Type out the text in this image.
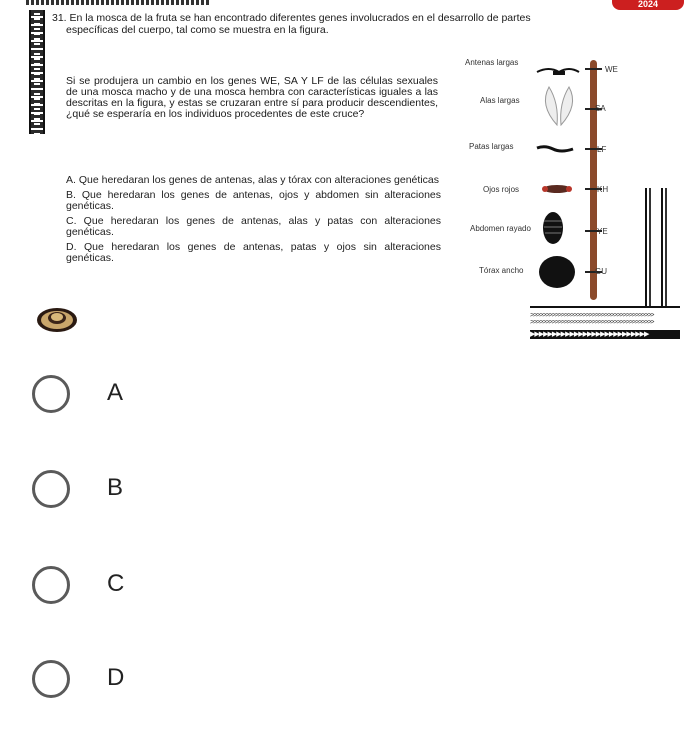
2024

31. En la mosca de la fruta se han encontrado diferentes genes involucrados en el desarrollo de partes

específicas del cuerpo, tal como se muestra en la figura.

Si se produjera un cambio en los genes WE, SA Y LF de las células sexuales de una mosca macho y de una mosca hembra con características iguales a las descritas en la figura, y estas se cruzaran entre sí para producir descendientes, ¿qué se esperaría en los individuos procedentes de este cruce?

A. Que heredaran los genes de antenas, alas y tórax con alteraciones genéticas

B. Que heredaran los genes de antenas, ojos y abdomen sin alteraciones genéticas.

C. Que heredaran los genes de antenas, alas y patas con alteraciones genéticas.

D. Que heredaran los genes de antenas, patas y ojos sin alteraciones genéticas.

Antenas largas
WE
Alas largas
SA
Patas largas	LF
Ojos rojos	KH
Abdomen rayado	YE
Tórax ancho	GU
>>>>>>>>>>>>>>>>>>>>>>>>>>>>>>>>>>>>>>>>
>>>>>>>>>>>>>>>>>>>>>>>>>>>>>>>>>>>>>>>>
▶▶▶▶▶▶▶▶▶▶▶▶▶▶▶▶▶▶▶▶▶▶▶▶▶▶▶
A
B
C
D
